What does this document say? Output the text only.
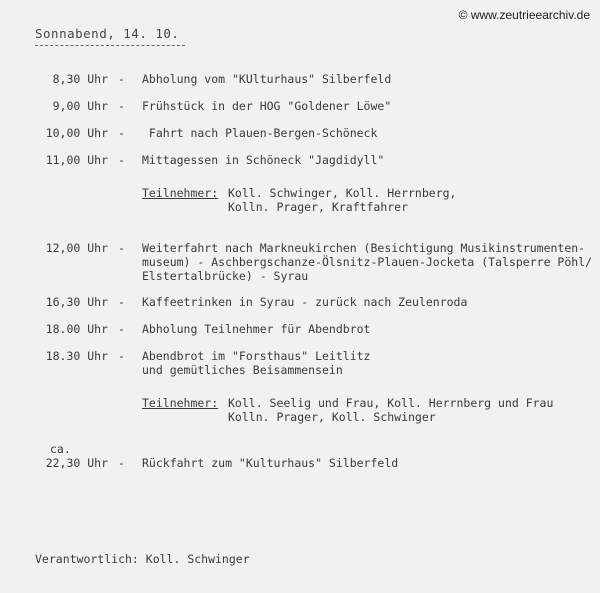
© www.zeutrieearchiv.de
Sonnabend, 14. 10.
8,30 Uhr - Abholung vom "KUlturhaus" Silberfeld
9,00 Uhr - Frühstück in der HOG "Goldener Löwe"
10,00 Uhr - Fahrt nach Plauen-Bergen-Schöneck
11,00 Uhr - Mittagessen in Schöneck "Jagdidyll"
Teilnehmer: Koll. Schwinger, Koll. Herrnberg,
Kolln. Prager, Kraftfahrer
12,00 Uhr - Weiterfahrt nach Markneukirchen (Besichtigung Musikinstrumenten-
museum) - Aschbergschanze-Ölsnitz-Plauen-Jocketa (Talsperre Pöhl/
Elstertalbrücke) - Syrau
16,30 Uhr - Kaffeetrinken in Syrau - zurück nach Zeulenroda
18.00 Uhr - Abholung Teilnehmer für Abendbrot
18.30 Uhr - Abendbrot im "Forsthaus" Leitlitz
und gemütliches Beisammensein
Teilnehmer: Koll. Seelig und Frau, Koll. Herrnberg und Frau
Kolln. Prager, Koll. Schwinger
ca.
22,30 Uhr - Rückfahrt zum "Kulturhaus" Silberfeld
Verantwortlich: Koll. Schwinger
